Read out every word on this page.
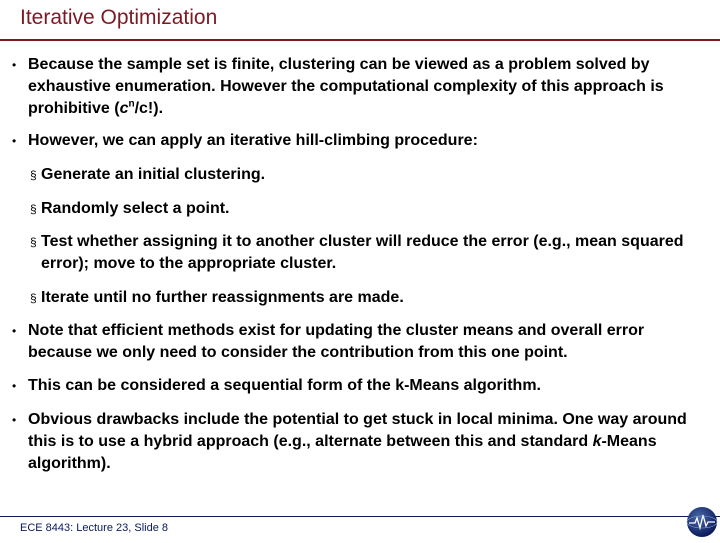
Iterative Optimization
• Because the sample set is finite, clustering can be viewed as a problem solved by exhaustive enumeration. However the computational complexity of this approach is prohibitive $(c^n/c!)$.
• However, we can apply an iterative hill-climbing procedure:
§ Generate an initial clustering.
§ Randomly select a point.
§ Test whether assigning it to another cluster will reduce the error (e.g., mean squared error); move to the appropriate cluster.
§ Iterate until no further reassignments are made.
• Note that efficient methods exist for updating the cluster means and overall error because we only need to consider the contribution from this one point.
• This can be considered a sequential form of the k-Means algorithm.
• Obvious drawbacks include the potential to get stuck in local minima. One way around this is to use a hybrid approach (e.g., alternate between this and standard k-Means algorithm).
ECE 8443: Lecture 23, Slide 8
